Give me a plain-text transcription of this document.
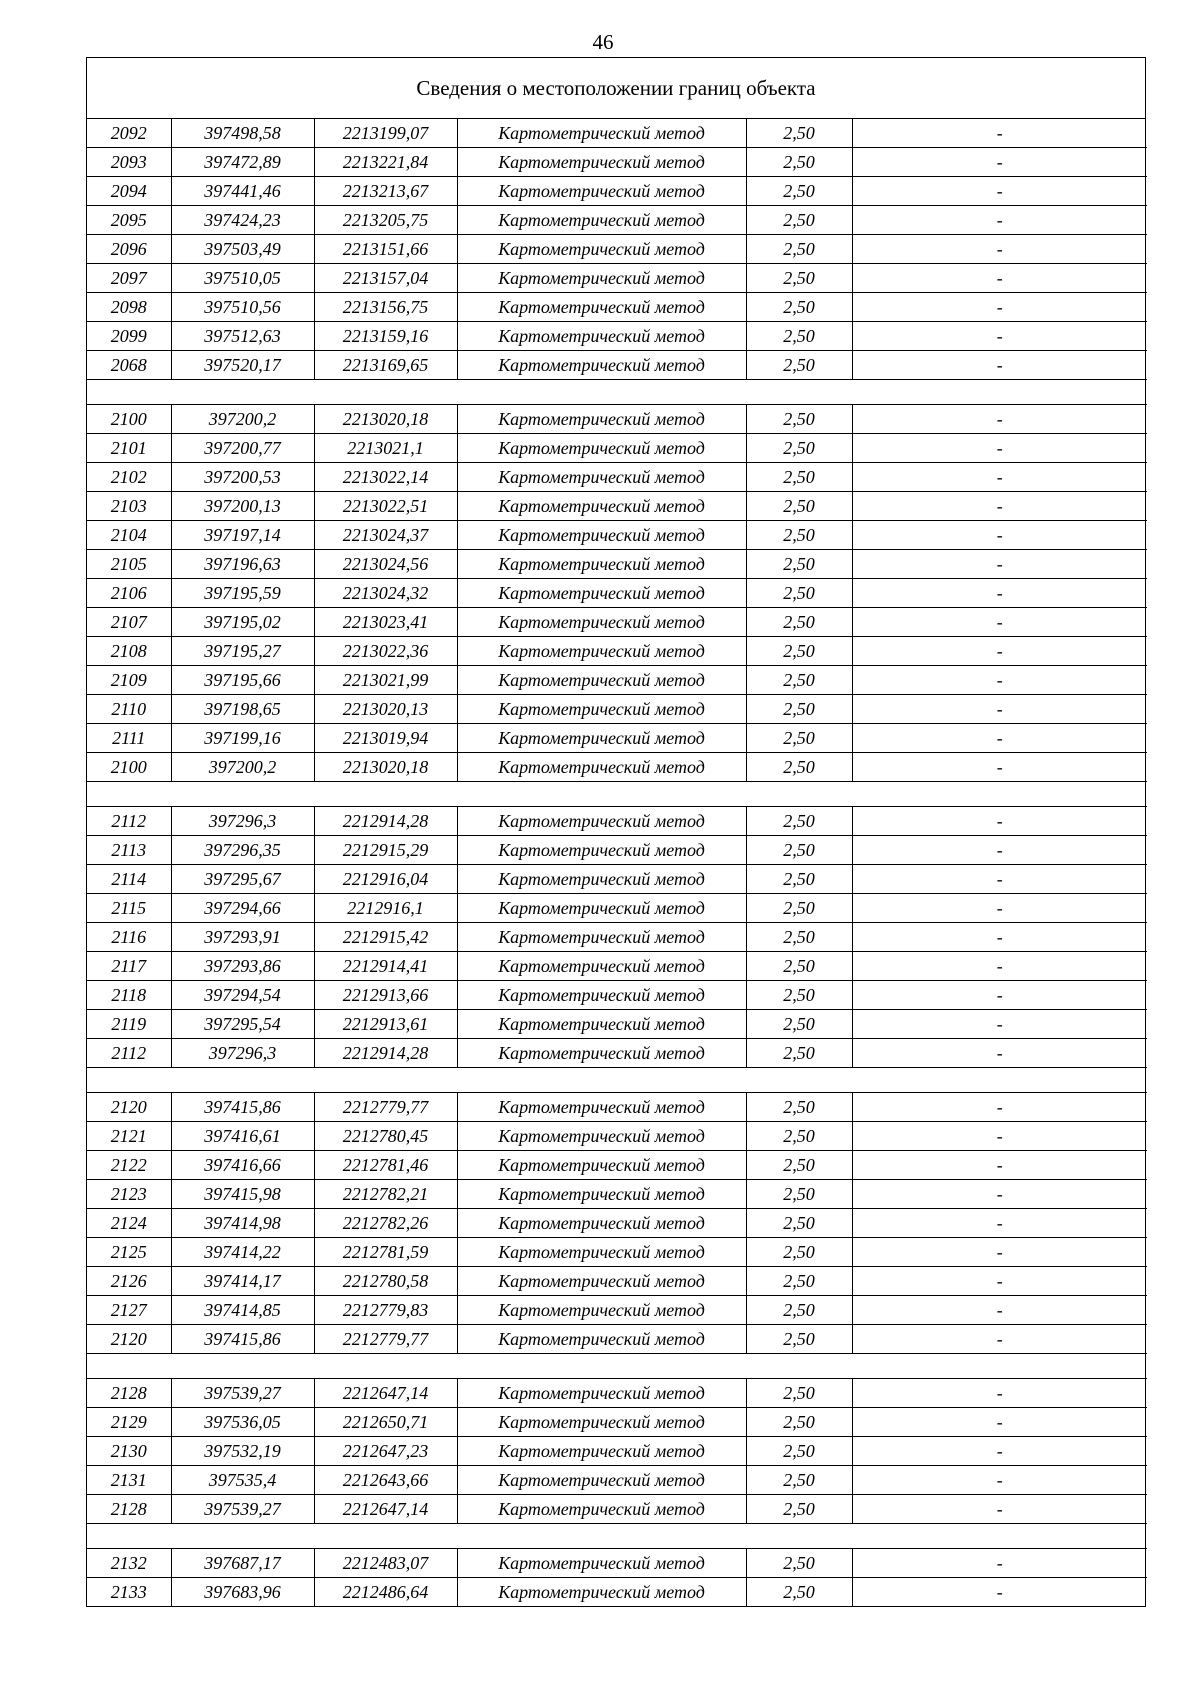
46
Сведения о местоположении границ объекта
2092	397498,58	2213199,07	Картометрический метод	2,50	-
2093	397472,89	2213221,84	Картометрический метод	2,50	-
2094	397441,46	2213213,67	Картометрический метод	2,50	-
2095	397424,23	2213205,75	Картометрический метод	2,50	-
2096	397503,49	2213151,66	Картометрический метод	2,50	-
2097	397510,05	2213157,04	Картометрический метод	2,50	-
2098	397510,56	2213156,75	Картометрический метод	2,50	-
2099	397512,63	2213159,16	Картометрический метод	2,50	-
2068	397520,17	2213169,65	Картометрический метод	2,50	-

2100	397200,2	2213020,18	Картометрический метод	2,50	-
2101	397200,77	2213021,1	Картометрический метод	2,50	-
2102	397200,53	2213022,14	Картометрический метод	2,50	-
2103	397200,13	2213022,51	Картометрический метод	2,50	-
2104	397197,14	2213024,37	Картометрический метод	2,50	-
2105	397196,63	2213024,56	Картометрический метод	2,50	-
2106	397195,59	2213024,32	Картометрический метод	2,50	-
2107	397195,02	2213023,41	Картометрический метод	2,50	-
2108	397195,27	2213022,36	Картометрический метод	2,50	-
2109	397195,66	2213021,99	Картометрический метод	2,50	-
2110	397198,65	2213020,13	Картометрический метод	2,50	-
2111	397199,16	2213019,94	Картометрический метод	2,50	-
2100	397200,2	2213020,18	Картометрический метод	2,50	-

2112	397296,3	2212914,28	Картометрический метод	2,50	-
2113	397296,35	2212915,29	Картометрический метод	2,50	-
2114	397295,67	2212916,04	Картометрический метод	2,50	-
2115	397294,66	2212916,1	Картометрический метод	2,50	-
2116	397293,91	2212915,42	Картометрический метод	2,50	-
2117	397293,86	2212914,41	Картометрический метод	2,50	-
2118	397294,54	2212913,66	Картометрический метод	2,50	-
2119	397295,54	2212913,61	Картометрический метод	2,50	-
2112	397296,3	2212914,28	Картометрический метод	2,50	-

2120	397415,86	2212779,77	Картометрический метод	2,50	-
2121	397416,61	2212780,45	Картометрический метод	2,50	-
2122	397416,66	2212781,46	Картометрический метод	2,50	-
2123	397415,98	2212782,21	Картометрический метод	2,50	-
2124	397414,98	2212782,26	Картометрический метод	2,50	-
2125	397414,22	2212781,59	Картометрический метод	2,50	-
2126	397414,17	2212780,58	Картометрический метод	2,50	-
2127	397414,85	2212779,83	Картометрический метод	2,50	-
2120	397415,86	2212779,77	Картометрический метод	2,50	-

2128	397539,27	2212647,14	Картометрический метод	2,50	-
2129	397536,05	2212650,71	Картометрический метод	2,50	-
2130	397532,19	2212647,23	Картометрический метод	2,50	-
2131	397535,4	2212643,66	Картометрический метод	2,50	-
2128	397539,27	2212647,14	Картометрический метод	2,50	-

2132	397687,17	2212483,07	Картометрический метод	2,50	-
2133	397683,96	2212486,64	Картометрический метод	2,50	-
